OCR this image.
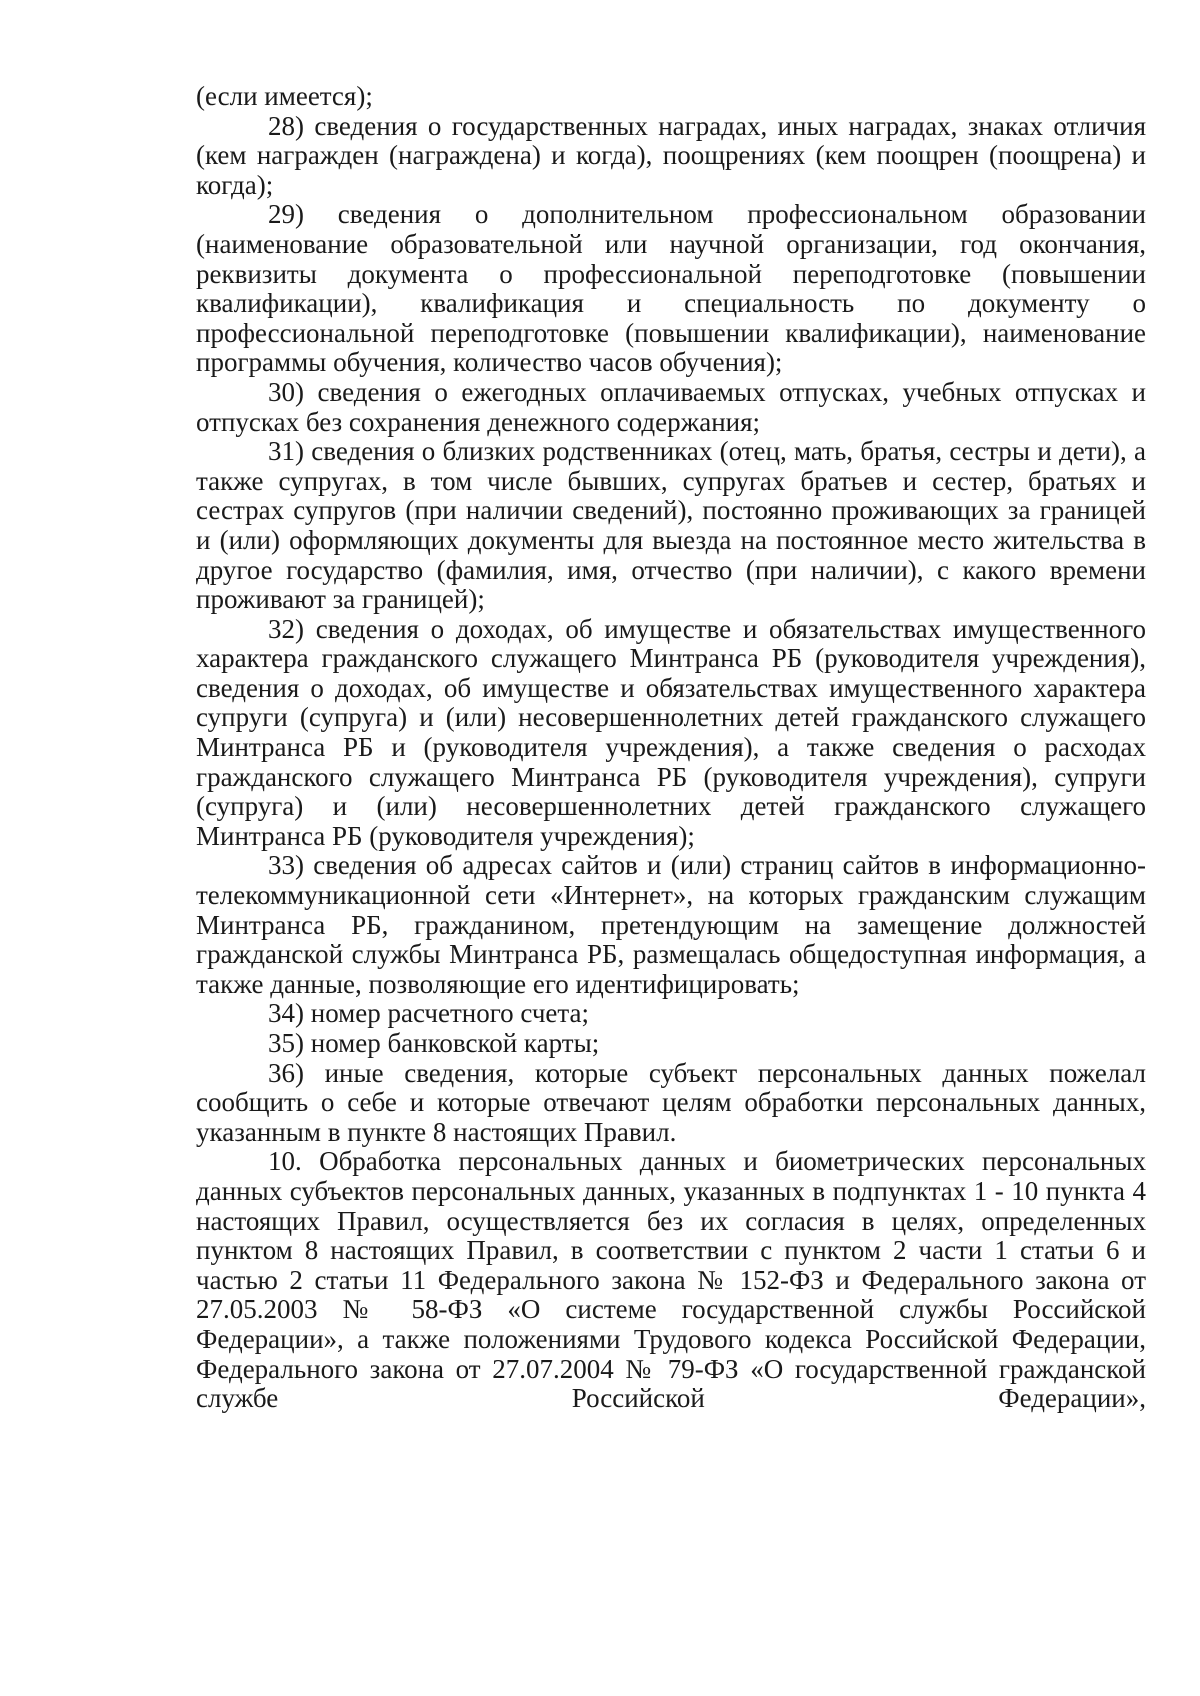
(если имеется);

28) сведения о государственных наградах, иных наградах, знаках отличия (кем награжден (награждена) и когда), поощрениях (кем поощрен (поощрена) и когда);

29) сведения о дополнительном профессиональном образовании (наименование образовательной или научной организации, год окончания, реквизиты документа о профессиональной переподготовке (повышении квалификации), квалификация и специальность по документу о профессиональной переподготовке (повышении квалификации), наименование программы обучения, количество часов обучения);

30) сведения о ежегодных оплачиваемых отпусках, учебных отпусках и отпусках без сохранения денежного содержания;

31) сведения о близких родственниках (отец, мать, братья, сестры и дети), а также супругах, в том числе бывших, супругах братьев и сестер, братьях и сестрах супругов (при наличии сведений), постоянно проживающих за границей и (или) оформляющих документы для выезда на постоянное место жительства в другое государство (фамилия, имя, отчество (при наличии), с какого времени проживают за границей);

32) сведения о доходах, об имуществе и обязательствах имущественного характера гражданского служащего Минтранса РБ (руководителя учреждения), сведения о доходах, об имуществе и обязательствах имущественного характера супруги (супруга) и (или) несовершеннолетних детей гражданского служащего Минтранса РБ и (руководителя учреждения), а также сведения о расходах гражданского служащего Минтранса РБ (руководителя учреждения), супруги (супруга) и (или) несовершеннолетних детей гражданского служащего Минтранса РБ (руководителя учреждения);

33) сведения об адресах сайтов и (или) страниц сайтов в информационно-телекоммуникационной сети «Интернет», на которых гражданским служащим Минтранса РБ, гражданином, претендующим на замещение должностей гражданской службы Минтранса РБ, размещалась общедоступная информация, а также данные, позволяющие его идентифицировать;

34) номер расчетного счета;

35) номер банковской карты;

36) иные сведения, которые субъект персональных данных пожелал сообщить о себе и которые отвечают целям обработки персональных данных, указанным в пункте 8 настоящих Правил.

10. Обработка персональных данных и биометрических персональных данных субъектов персональных данных, указанных в подпунктах 1 - 10 пункта 4 настоящих Правил, осуществляется без их согласия в целях, определенных пунктом 8 настоящих Правил, в соответствии с пунктом 2 части 1 статьи 6 и частью 2 статьи 11 Федерального закона № 152-ФЗ и Федерального закона от 27.05.2003 № 58-ФЗ «О системе государственной службы Российской Федерации», а также положениями Трудового кодекса Российской Федерации, Федерального закона от 27.07.2004 № 79-ФЗ «О государственной гражданской службе Российской Федерации»,
